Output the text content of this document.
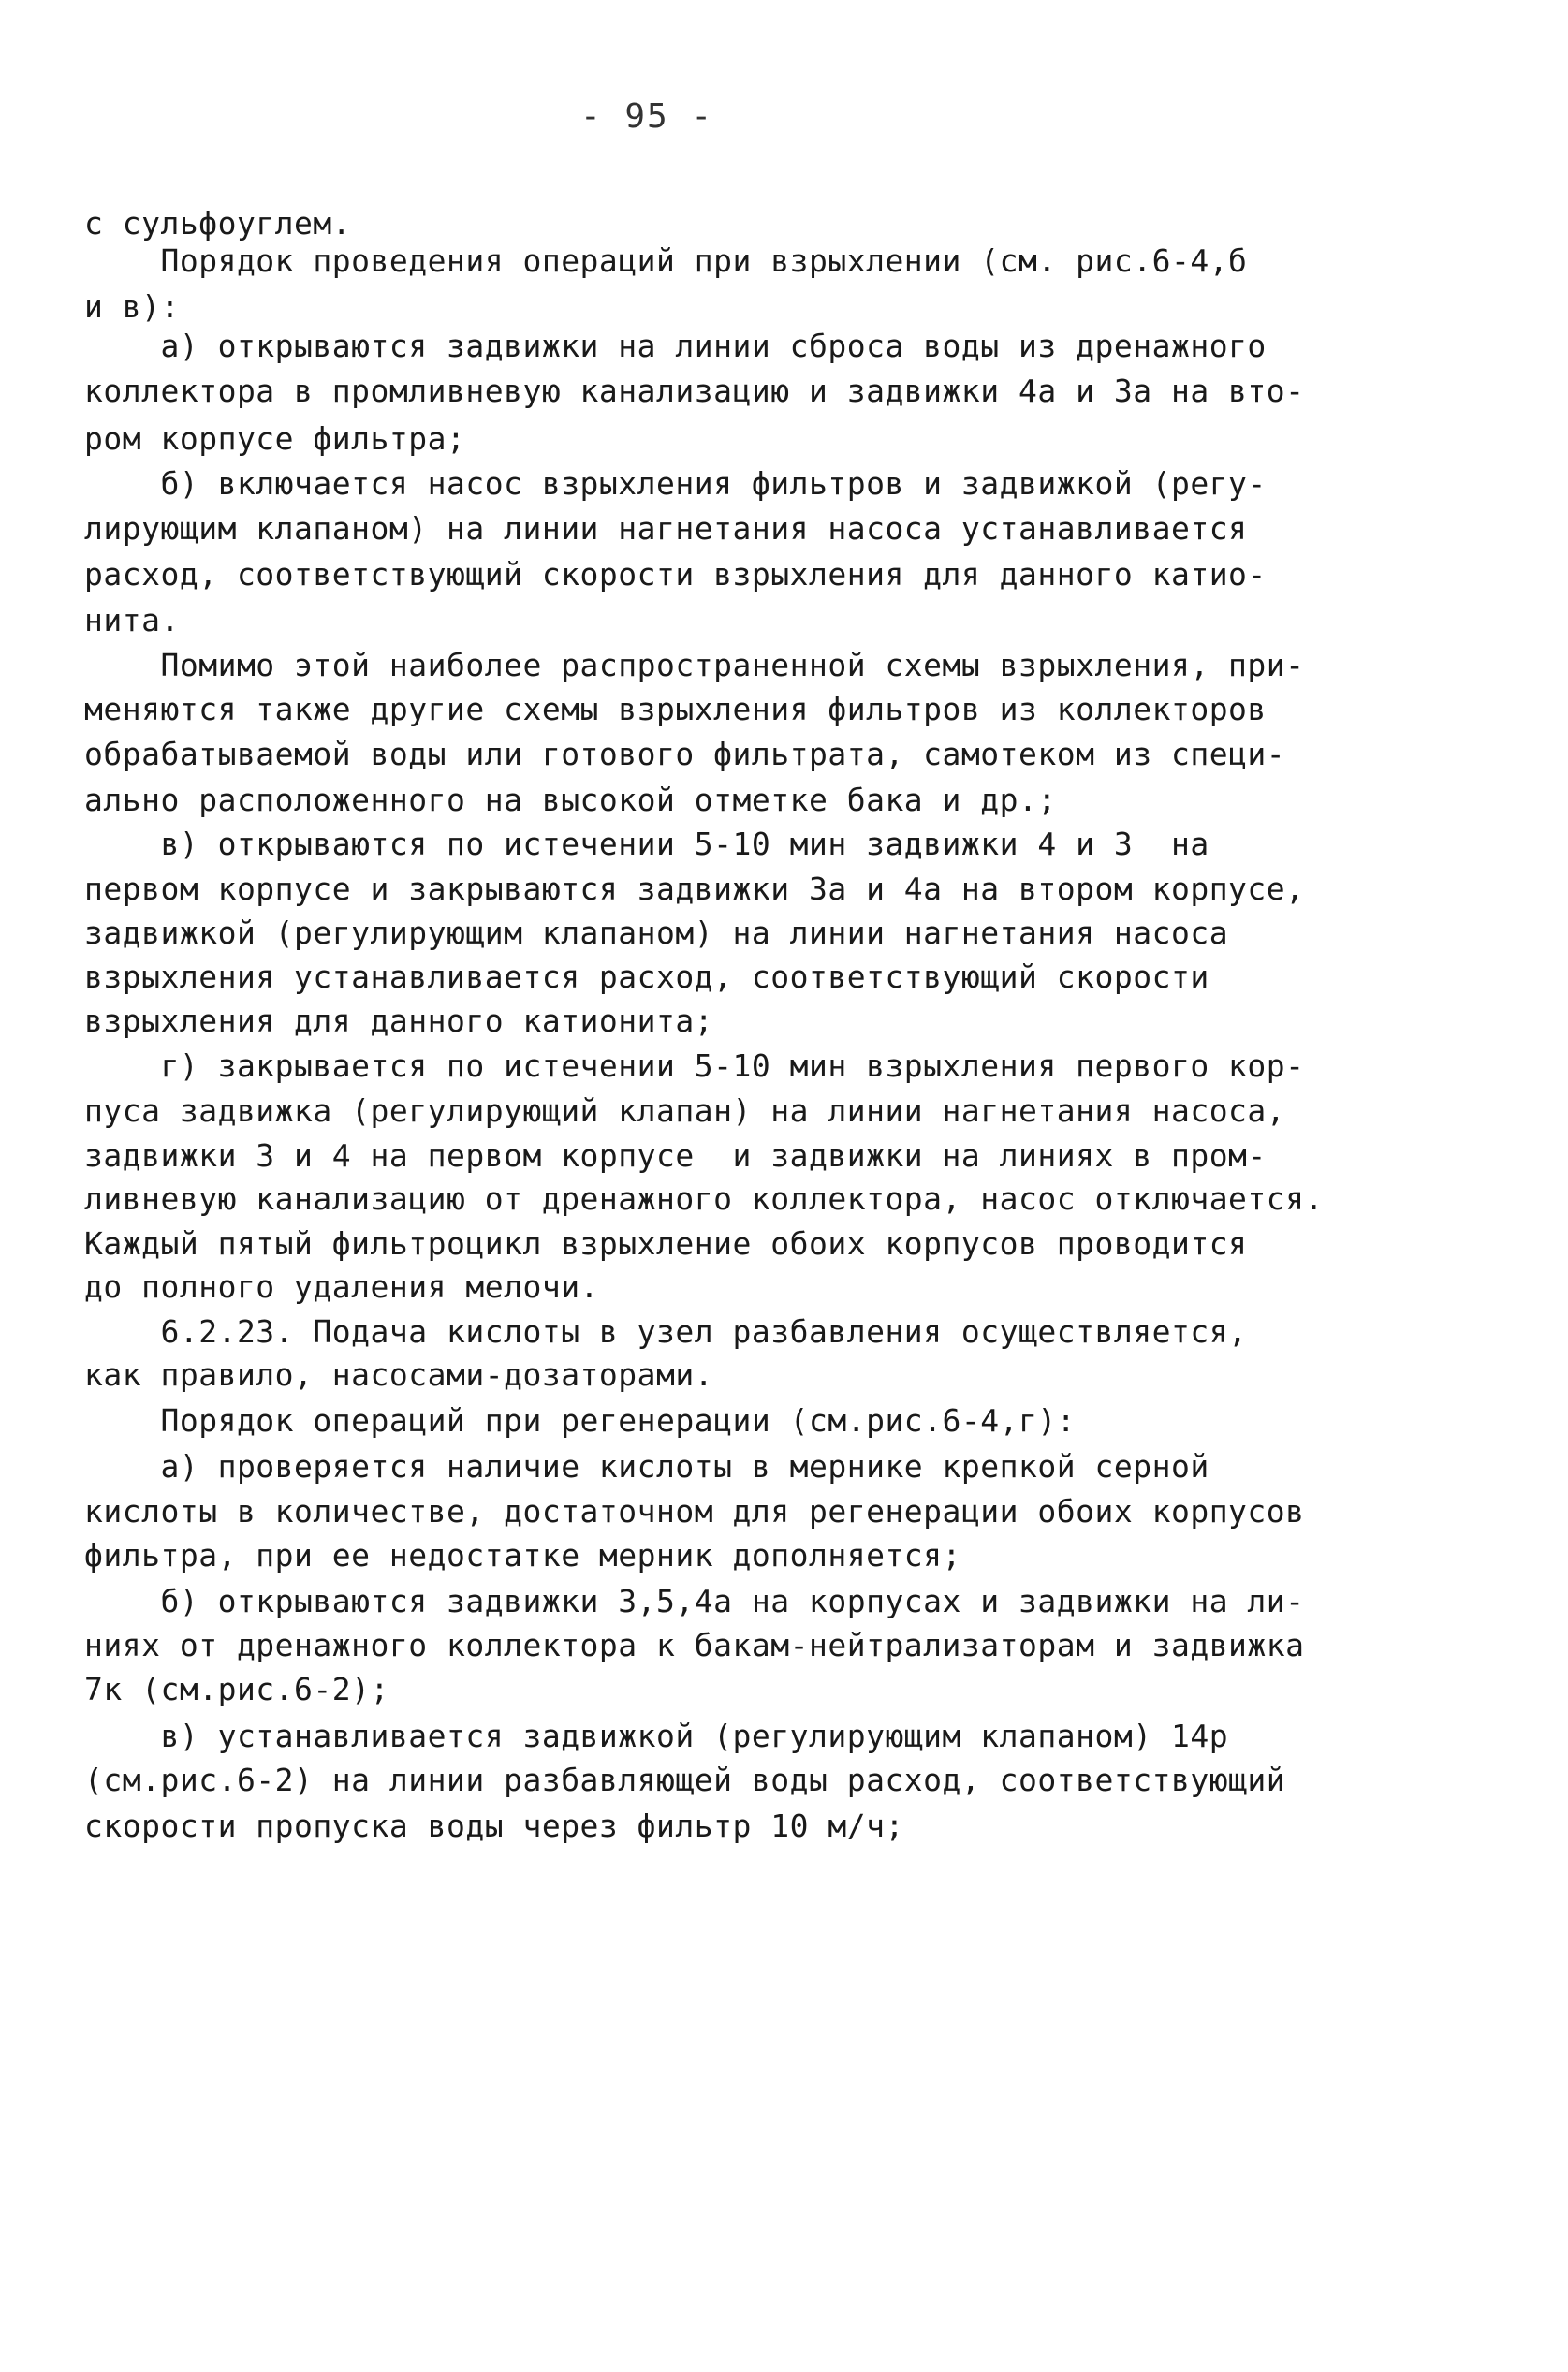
- 95 -
с сульфоуглем.
Порядок проведения операций при взрыхлении (см. рис.6-4,б
и в):
а) открываются задвижки на линии сброса воды из дренажного
коллектора в промливневую канализацию и задвижки 4а и 3а на вто-
ром корпусе фильтра;
б) включается насос взрыхления фильтров и задвижкой (регу-
лирующим клапаном) на линии нагнетания насоса устанавливается
расход, соответствующий скорости взрыхления для данного катио-
нита.
Помимо этой наиболее распространенной схемы взрыхления, при-
меняются также другие схемы взрыхления фильтров из коллекторов
обрабатываемой воды или готового фильтрата, самотеком из специ-
ально расположенного на высокой отметке бака и др.;
в) открываются по истечении 5-10 мин задвижки 4 и 3  на
первом корпусе и закрываются задвижки 3а и 4а на втором корпусе,
задвижкой (регулирующим клапаном) на линии нагнетания насоса
взрыхления устанавливается расход, соответствующий скорости
взрыхления для данного катионита;
г) закрывается по истечении 5-10 мин взрыхления первого кор-
пуса задвижка (регулирующий клапан) на линии нагнетания насоса,
задвижки 3 и 4 на первом корпусе  и задвижки на линиях в пром-
ливневую канализацию от дренажного коллектора, насос отключается.
Каждый пятый фильтроцикл взрыхление обоих корпусов проводится
до полного удаления мелочи.
6.2.23. Подача кислоты в узел разбавления осуществляется,
как правило, насосами-дозаторами.
Порядок операций при регенерации (см.рис.6-4,г):
а) проверяется наличие кислоты в мернике крепкой серной
кислоты в количестве, достаточном для регенерации обоих корпусов
фильтра, при ее недостатке мерник дополняется;
б) открываются задвижки 3,5,4а на корпусах и задвижки на ли-
ниях от дренажного коллектора к бакам-нейтрализаторам и задвижка
7к (см.рис.6-2);
в) устанавливается задвижкой (регулирующим клапаном) 14р
(см.рис.6-2) на линии разбавляющей воды расход, соответствующий
скорости пропуска воды через фильтр 10 м/ч;
